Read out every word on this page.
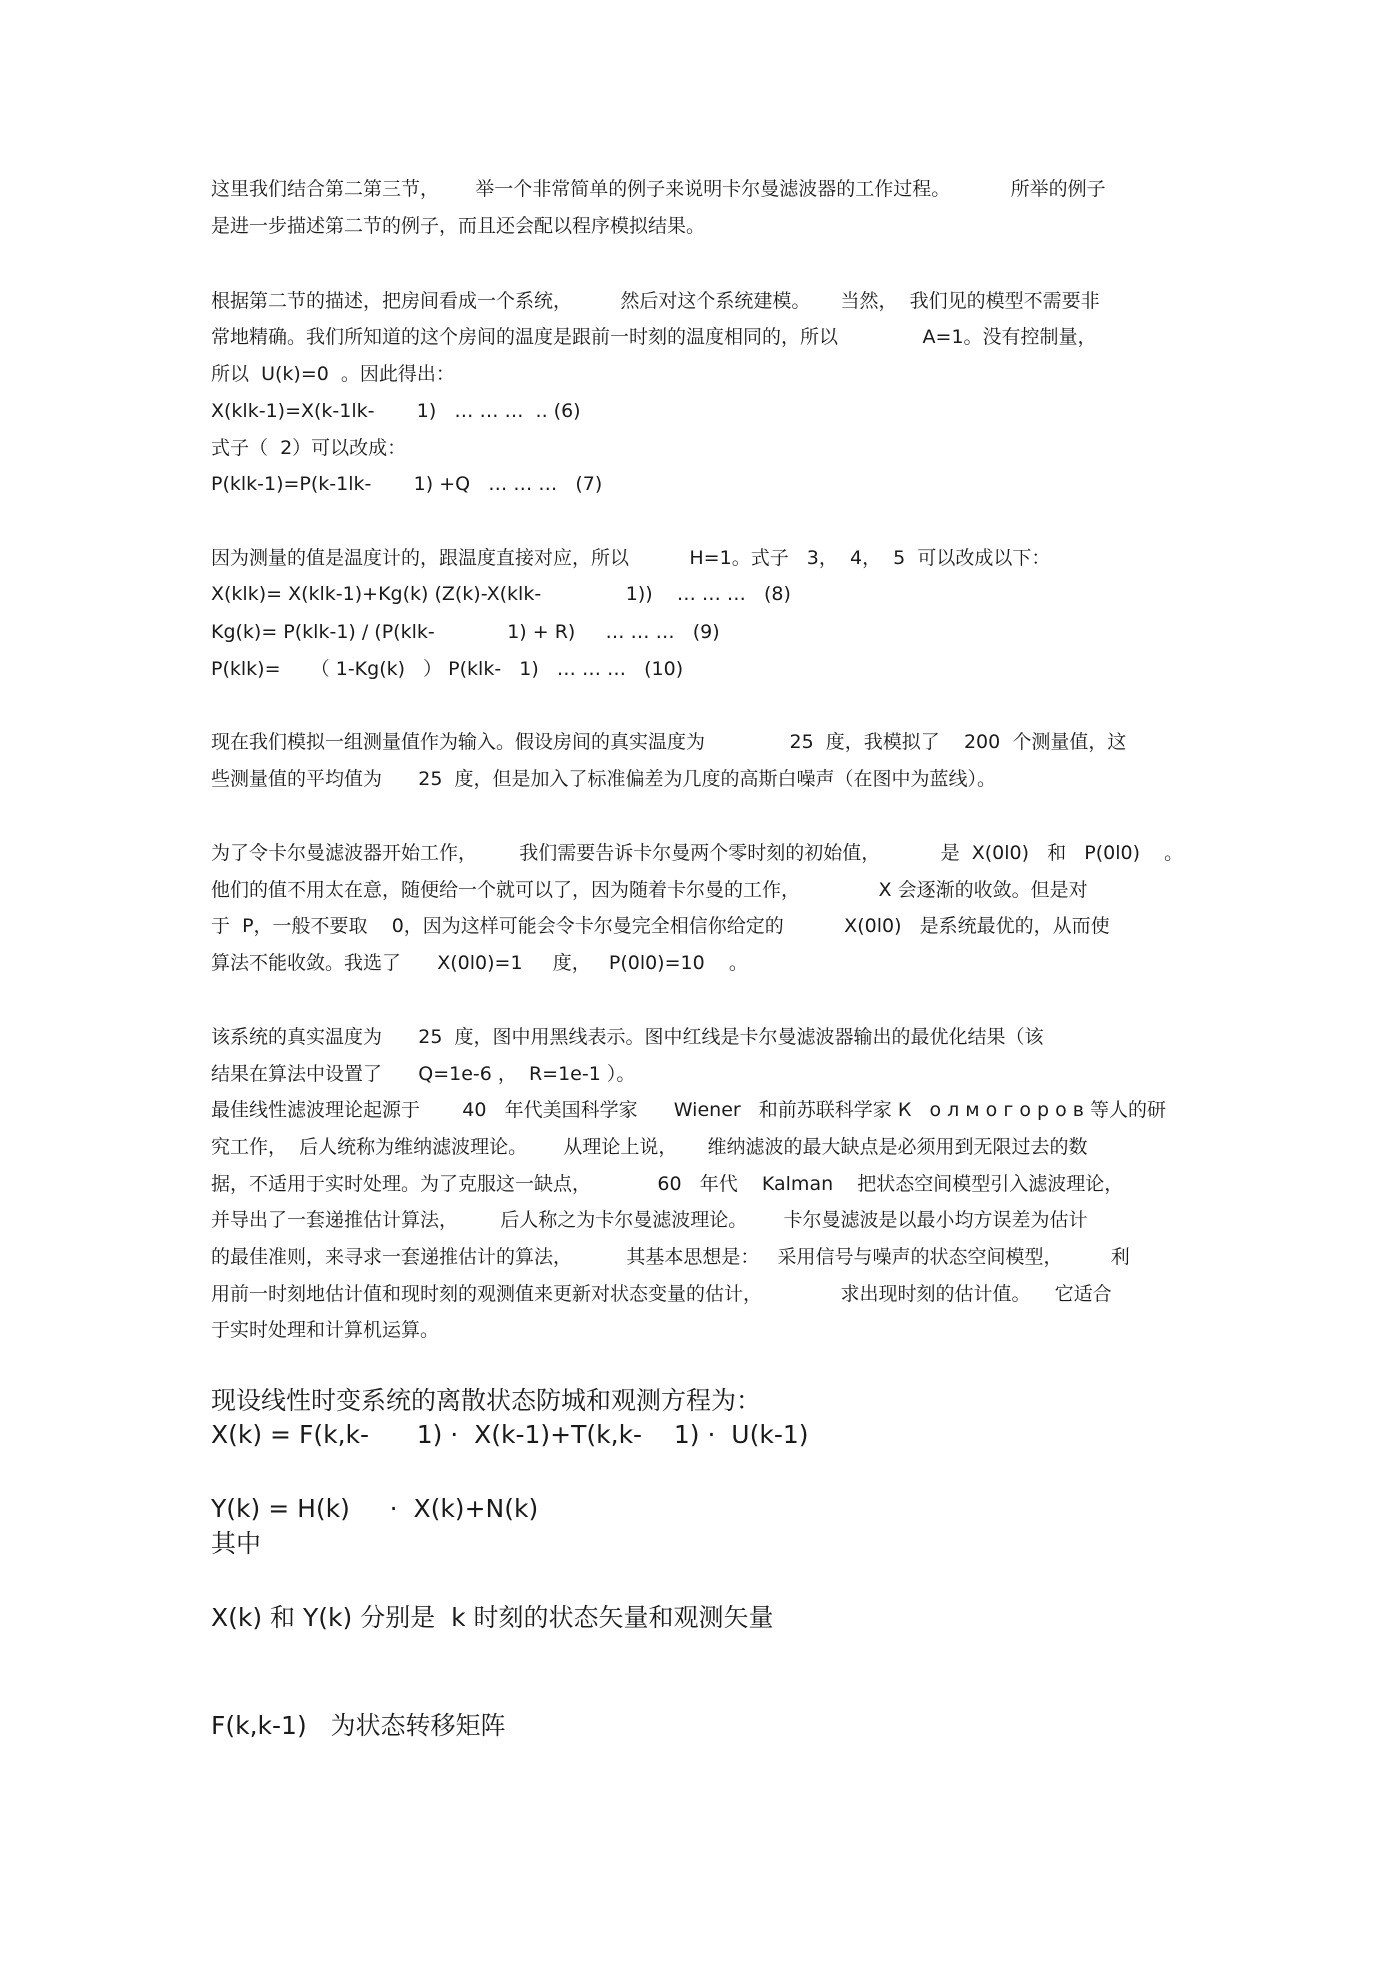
这里我们结合第二第三节，      举一个非常简单的例子来说明卡尔曼滤波器的工作过程。          所举的例子
是进一步描述第二节的例子，而且还会配以程序模拟结果。
根据第二节的描述，把房间看成一个系统，        然后对这个系统建模。     当然，  我们见的模型不需要非
常地精确。我们所知道的这个房间的温度是跟前一时刻的温度相同的，所以              A=1。没有控制量，
所以  U(k)=0  。因此得出：
X(klk-1)=X(k-1lk-       1)   … … …  .. (6)
式子（  2）可以改成：
P(klk-1)=P(k-1lk-       1) +Q   … … …   (7)
因为测量的值是温度计的，跟温度直接对应，所以          H=1。式子   3，  4，  5  可以改成以下：
X(klk)= X(klk-1)+Kg(k) (Z(k)-X(klk-              1))    … … …   (8)
Kg(k)= P(klk-1) / (P(klk-            1) + R)     … … …   (9)
P(klk)=     （ 1-Kg(k)   ） P(klk-   1)   … … …   (10)
现在我们模拟一组测量值作为输入。假设房间的真实温度为              25  度，我模拟了    200  个测量值，这
些测量值的平均值为      25  度，但是加入了标准偏差为几度的高斯白噪声（在图中为蓝线）。
为了令卡尔曼滤波器开始工作，       我们需要告诉卡尔曼两个零时刻的初始值，          是  X(0l0)   和   P(0l0)    。
他们的值不用太在意，随便给一个就可以了，因为随着卡尔曼的工作，             X 会逐渐的收敛。但是对
于  P，一般不要取    0，因为这样可能会令卡尔曼完全相信你给定的          X(0l0)   是系统最优的，从而使
算法不能收敛。我选了      X(0l0)=1     度，   P(0l0)=10    。
该系统的真实温度为      25  度，图中用黑线表示。图中红线是卡尔曼滤波器输出的最优化结果（该
结果在算法中设置了      Q=1e-6 ，  R=1e-1 ）。
最佳线性滤波理论起源于       40   年代美国科学家      Wiener   和前苏联科学家 К   о л м о г о р о в 等人的研
究工作，  后人统称为维纳滤波理论。      从理论上说，     维纳滤波的最大缺点是必须用到无限过去的数
据，不适用于实时处理。为了克服这一缺点，           60   年代    Kalman    把状态空间模型引入滤波理论，
并导出了一套递推估计算法，       后人称之为卡尔曼滤波理论。      卡尔曼滤波是以最小均方误差为估计
的最佳准则，来寻求一套递推估计的算法，         其基本思想是：   采用信号与噪声的状态空间模型，        利
用前一时刻地估计值和现时刻的观测值来更新对状态变量的估计，             求出现时刻的估计值。    它适合
于实时处理和计算机运算。
现设线性时变系统的离散状态防城和观测方程为：
X(k) = F(k,k-      1) ·  X(k-1)+T(k,k-    1) ·  U(k-1)
Y(k) = H(k)     ·  X(k)+N(k)
其中
X(k) 和 Y(k) 分别是  k 时刻的状态矢量和观测矢量
F(k,k-1)   为状态转移矩阵
